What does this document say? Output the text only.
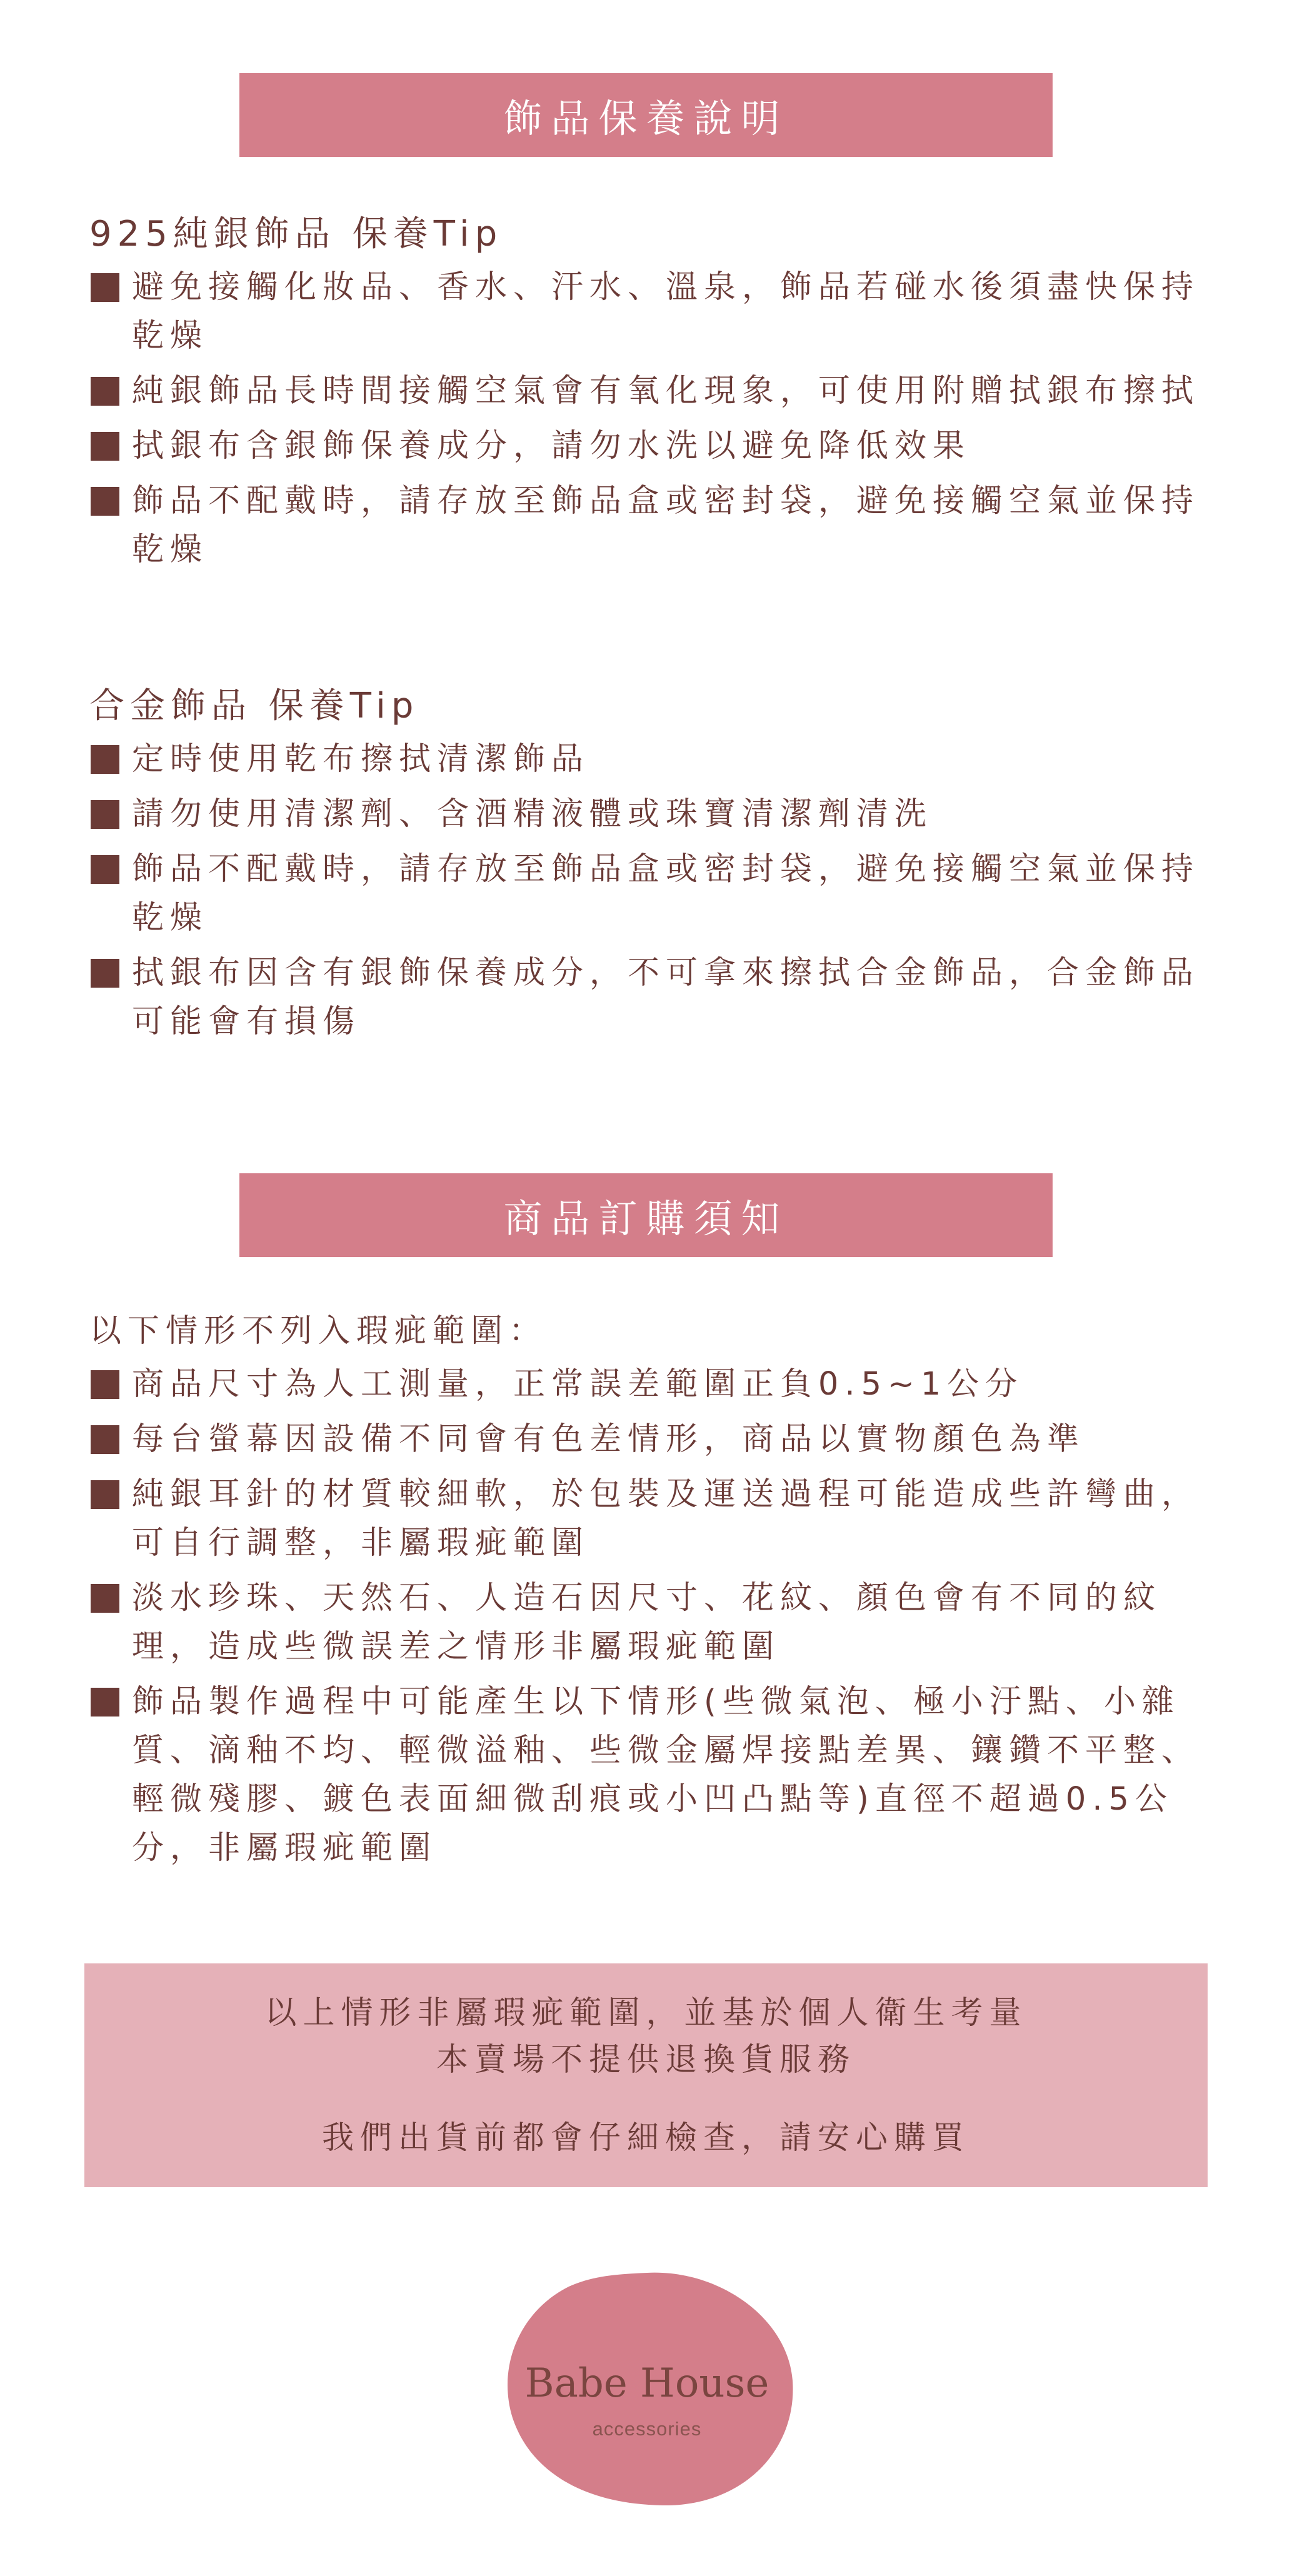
飾品保養說明
925純銀飾品 保養Tip
避免接觸化妝品、香水、汗水、溫泉，飾品若碰水後須盡快保持乾燥
純銀飾品長時間接觸空氣會有氧化現象，可使用附贈拭銀布擦拭
拭銀布含銀飾保養成分，請勿水洗以避免降低效果
飾品不配戴時，請存放至飾品盒或密封袋，避免接觸空氣並保持乾燥
合金飾品 保養Tip
定時使用乾布擦拭清潔飾品
請勿使用清潔劑、含酒精液體或珠寶清潔劑清洗
飾品不配戴時，請存放至飾品盒或密封袋，避免接觸空氣並保持乾燥
拭銀布因含有銀飾保養成分，不可拿來擦拭合金飾品，合金飾品可能會有損傷
商品訂購須知
以下情形不列入瑕疵範圍：
商品尺寸為人工測量，正常誤差範圍正負0.5~1公分
每台螢幕因設備不同會有色差情形，商品以實物顏色為準
純銀耳針的材質較細軟，於包裝及運送過程可能造成些許彎曲，可自行調整，非屬瑕疵範圍
淡水珍珠、天然石、人造石因尺寸、花紋、顏色會有不同的紋理，造成些微誤差之情形非屬瑕疵範圍
飾品製作過程中可能產生以下情形(些微氣泡、極小汙點、小雜質、滴釉不均、輕微溢釉、些微金屬焊接點差異、鑲鑽不平整、輕微殘膠、鍍色表面細微刮痕或小凹凸點等)直徑不超過0.5公分，非屬瑕疵範圍
以上情形非屬瑕疵範圍，並基於個人衛生考量
本賣場不提供退換貨服務
我們出貨前都會仔細檢查，請安心購買
Babe House
accessories
